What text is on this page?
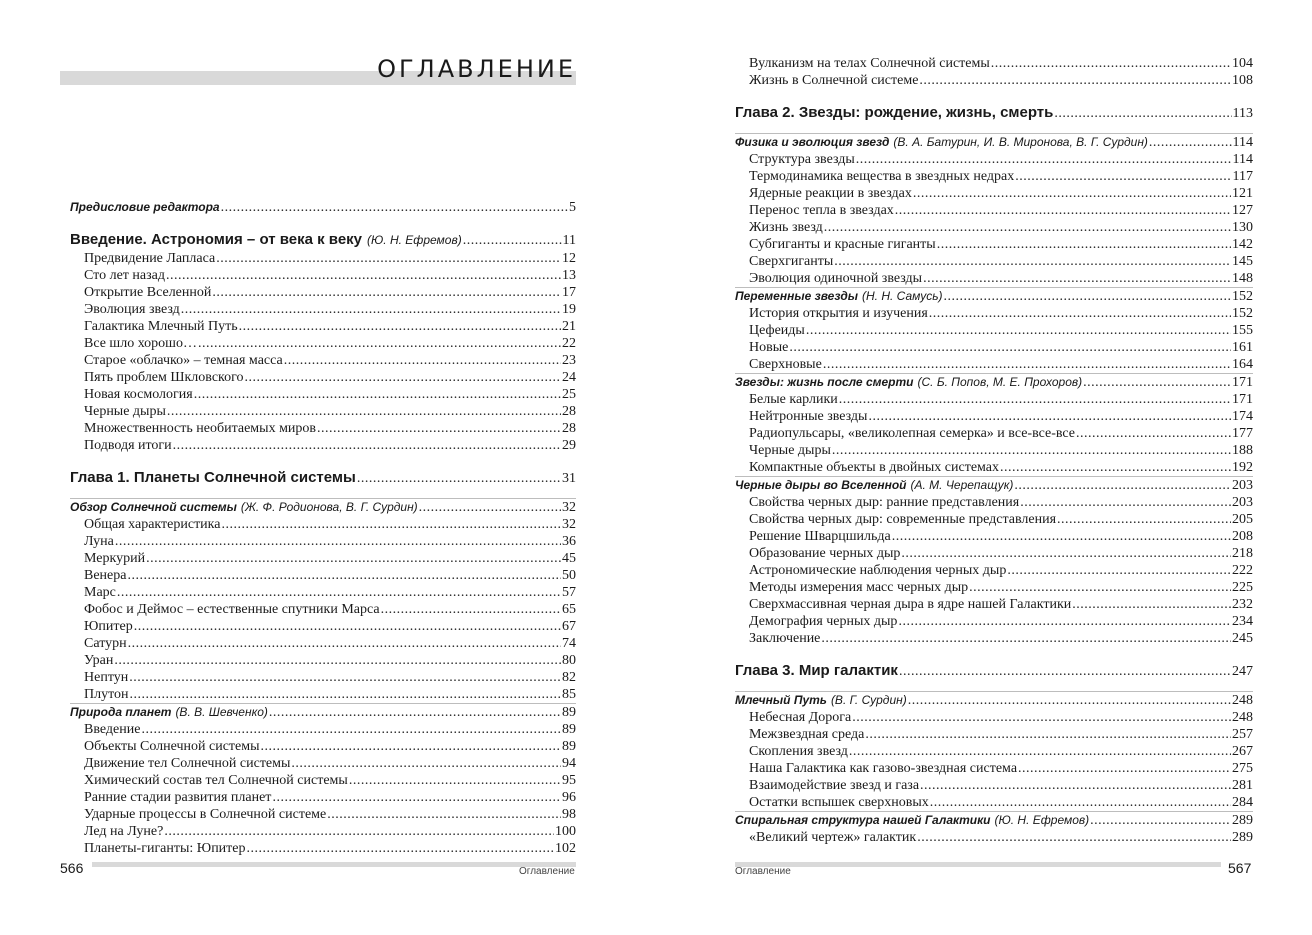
ОГЛАВЛЕНИЕ
Предисловие редактора .....	5
Введение. Астрономия – от века к веку (Ю. Н. Ефремов) .....	11
Предвидение Лапласа .....	12
Сто лет назад .....	13
Открытие Вселенной .....	17
Эволюция звезд .....	19
Галактика Млечный Путь .....	21
Все шло хорошо… .....	22
Старое «облачко» – темная масса .....	23
Пять проблем Шкловского .....	24
Новая космология .....	25
Черные дыры .....	28
Множественность необитаемых миров .....	28
Подводя итоги .....	29
Глава 1. Планеты Солнечной системы .....	31
Обзор Солнечной системы (Ж. Ф. Родионова, В. Г. Сурдин) .....	32
Общая характеристика .....	32
Луна .....	36
Меркурий .....	45
Венера .....	50
Марс .....	57
Фобос и Деймос – естественные спутники Марса .....	65
Юпитер .....	67
Сатурн .....	74
Уран .....	80
Нептун .....	82
Плутон .....	85
Природа планет (В. В. Шевченко) .....	89
Введение .....	89
Объекты Солнечной системы .....	89
Движение тел Солнечной системы .....	94
Химический состав тел Солнечной системы .....	95
Ранние стадии развития планет .....	96
Ударные процессы в Солнечной системе .....	98
Лед на Луне? .....	100
Планеты-гиганты: Юпитер .....	102
566	Оглавление
Вулканизм на телах Солнечной системы .....	104
Жизнь в Солнечной системе .....	108
Глава 2. Звезды: рождение, жизнь, смерть .....	113
Физика и эволюция звезд (В. А. Батурин, И. В. Миронова, В. Г. Сурдин) .....	114
Структура звезды .....	114
Термодинамика вещества в звездных недрах .....	117
Ядерные реакции в звездах .....	121
Перенос тепла в звездах .....	127
Жизнь звезд .....	130
Субгиганты и красные гиганты .....	142
Сверхгиганты .....	145
Эволюция одиночной звезды .....	148
Переменные звезды (Н. Н. Самусь) .....	152
История открытия и изучения .....	152
Цефеиды .....	155
Новые .....	161
Сверхновые .....	164
Звезды: жизнь после смерти (С. Б. Попов, М. Е. Прохоров) .....	171
Белые карлики .....	171
Нейтронные звезды .....	174
Радиопульсары, «великолепная семерка» и все-все-все .....	177
Черные дыры .....	188
Компактные объекты в двойных системах .....	192
Черные дыры во Вселенной (А. М. Черепащук) .....	203
Свойства черных дыр: ранние представления .....	203
Свойства черных дыр: современные представления .....	205
Решение Шварцшильда .....	208
Образование черных дыр .....	218
Астрономические наблюдения черных дыр .....	222
Методы измерения масс черных дыр .....	225
Сверхмассивная черная дыра в ядре нашей Галактики .....	232
Демография черных дыр .....	234
Заключение .....	245
Глава 3. Мир галактик .....	247
Млечный Путь (В. Г. Сурдин) .....	248
Небесная Дорога .....	248
Межзвездная среда .....	257
Скопления звезд .....	267
Наша Галактика как газово-звездная система .....	275
Взаимодействие звезд и газа .....	281
Остатки вспышек сверхновых .....	284
Спиральная структура нашей Галактики (Ю. Н. Ефремов) .....	289
«Великий чертеж» галактик .....	289
567
Оглавление
